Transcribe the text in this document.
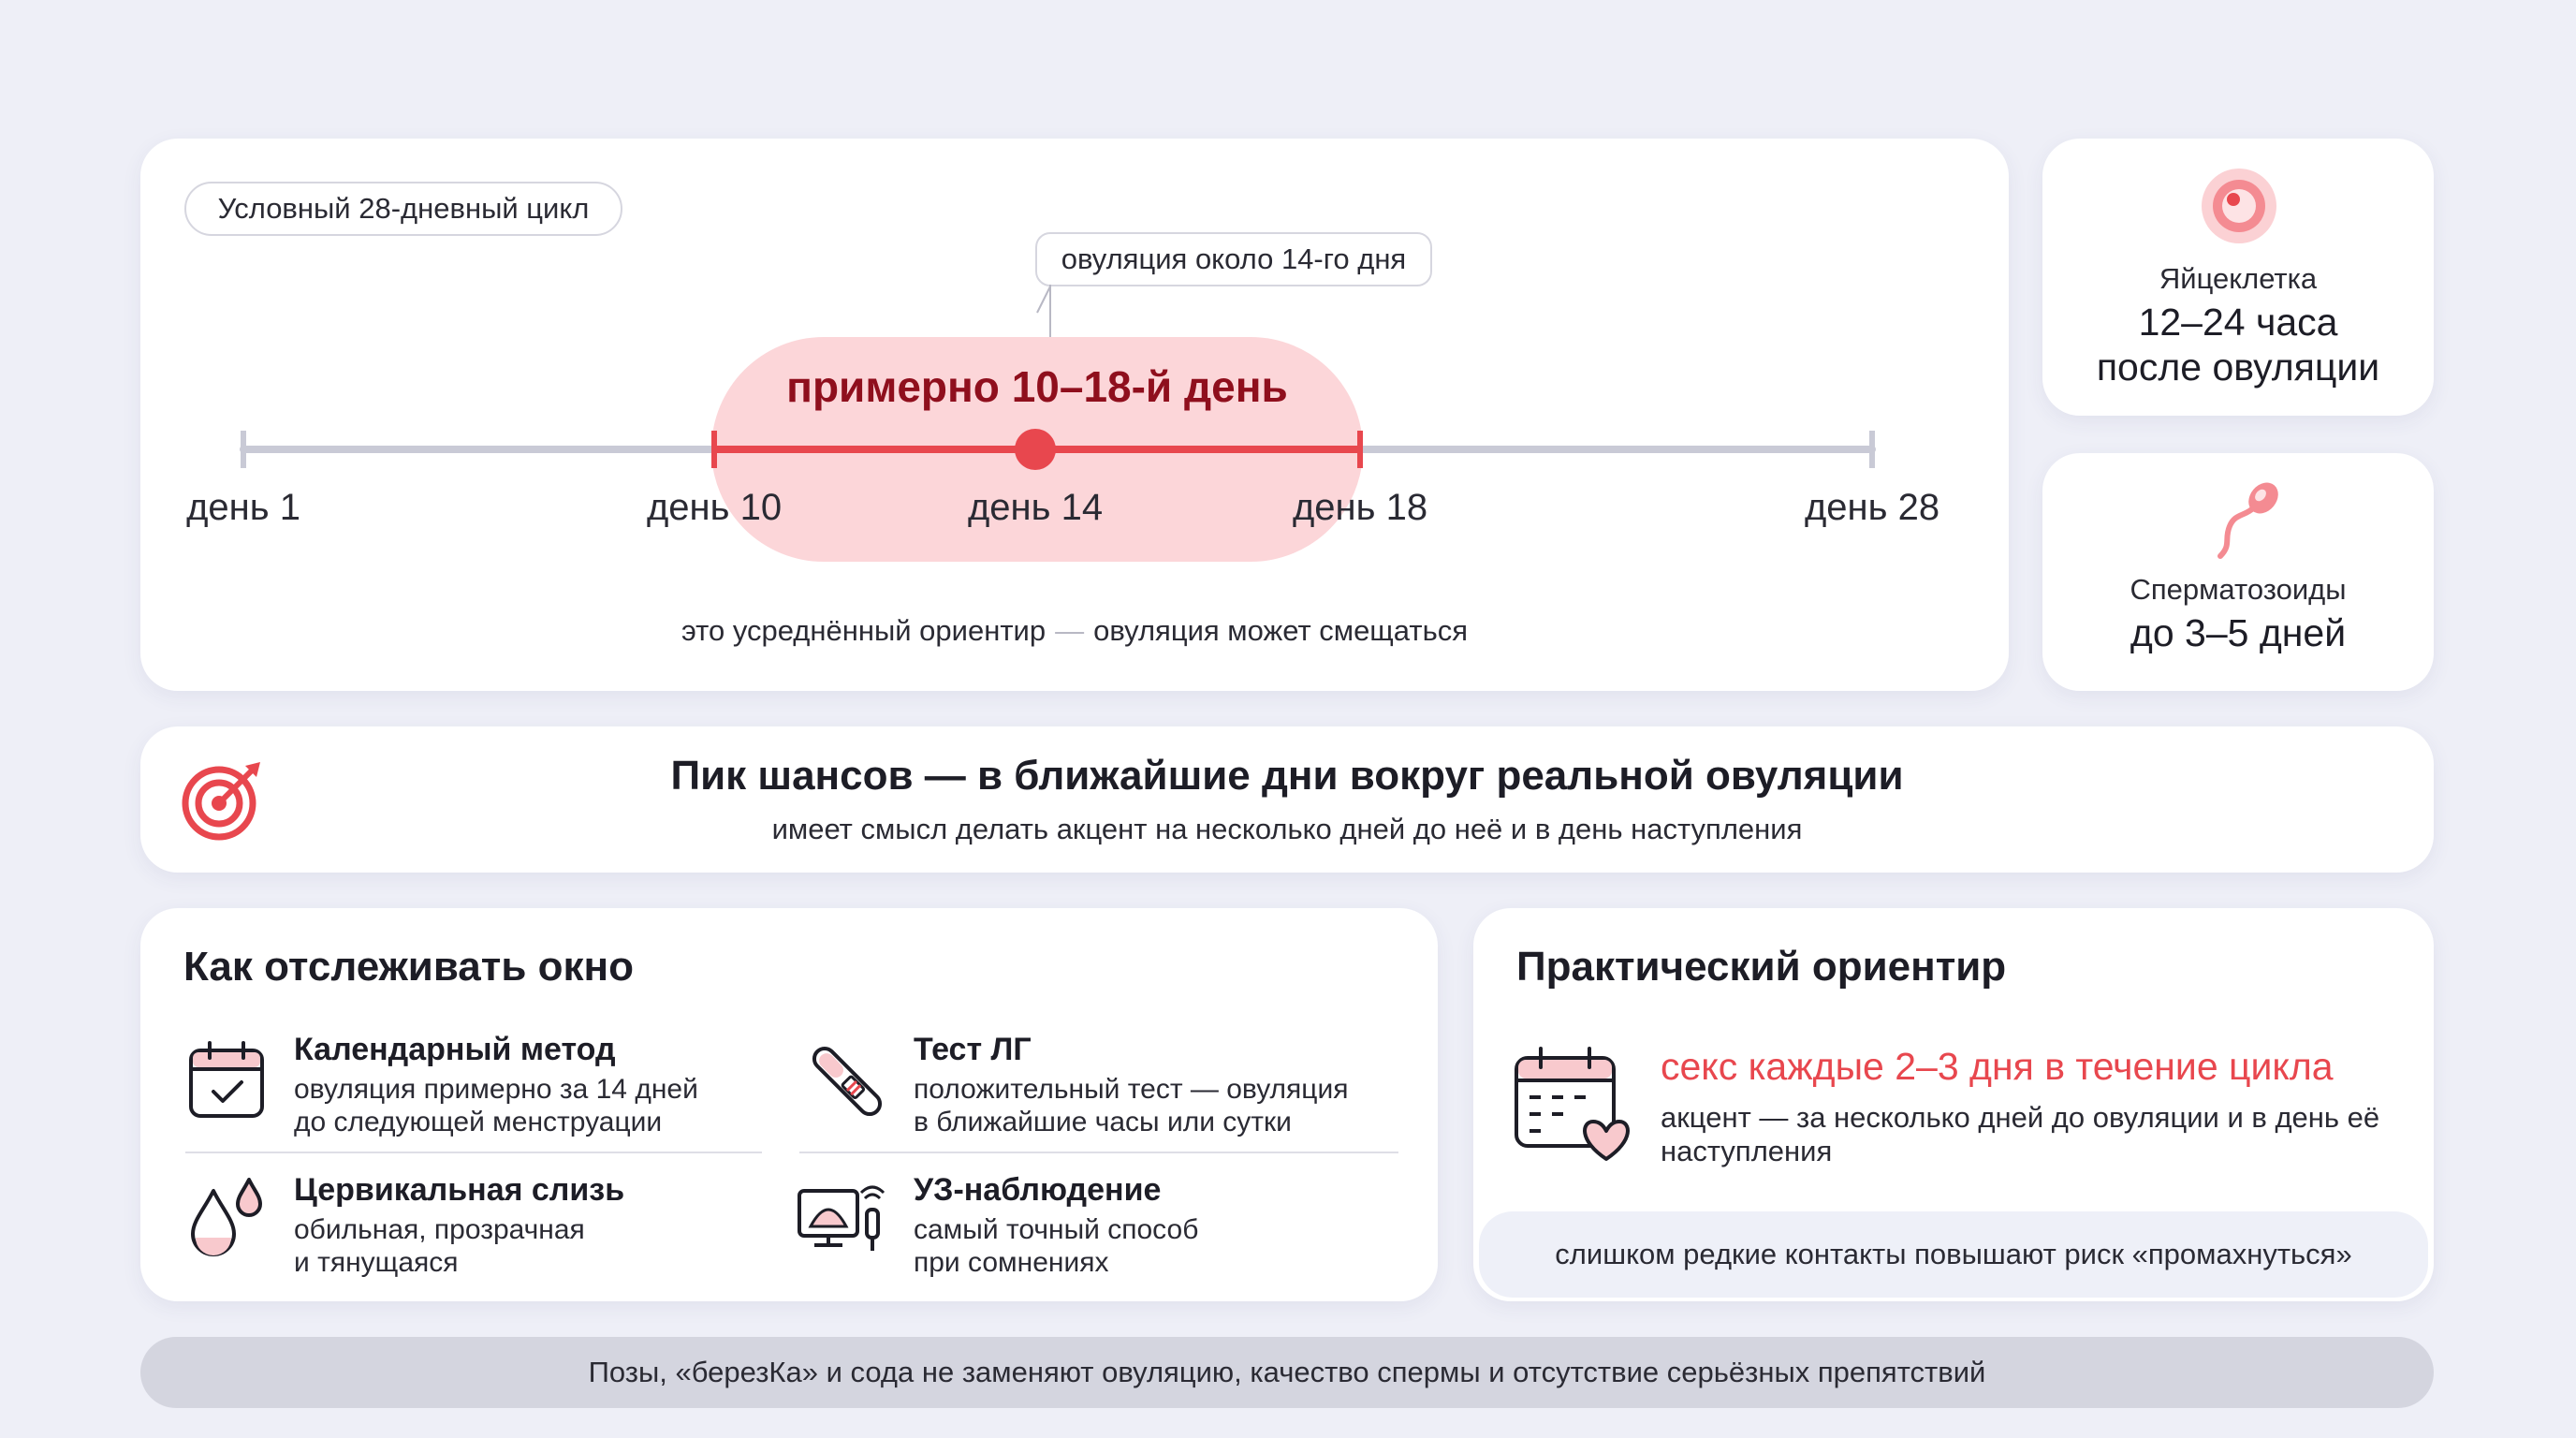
Условный 28-дневный цикл
примерно 10–18-й день
овуляция около 14-го дня
день 1	день 10	день 14	день 18	день 28
это усреднённый ориентир — овуляция может смещаться
Яйцеклетка
12–24 часа
после овуляции
Сперматозоиды
до 3–5 дней
Пик шансов — в ближайшие дни вокруг реальной овуляции
имеет смысл делать акцент на несколько дней до неё и в день наступления
Как отслеживать окно
Календарный метод
овуляция примерно за 14 дней
до следующей менструации
Тест ЛГ
положительный тест — овуляция
в ближайшие часы или сутки
Цервикальная слизь
обильная, прозрачная
и тянущаяся
УЗ-наблюдение
самый точный способ
при сомнениях
Практический ориентир
секс каждые 2–3 дня в течение цикла
акцент — за несколько дней до овуляции и в день её наступления
слишком редкие контакты повышают риск «промахнуться»
Позы, «березКа» и сода не заменяют овуляцию, качество спермы и отсутствие серьёзных препятствий
